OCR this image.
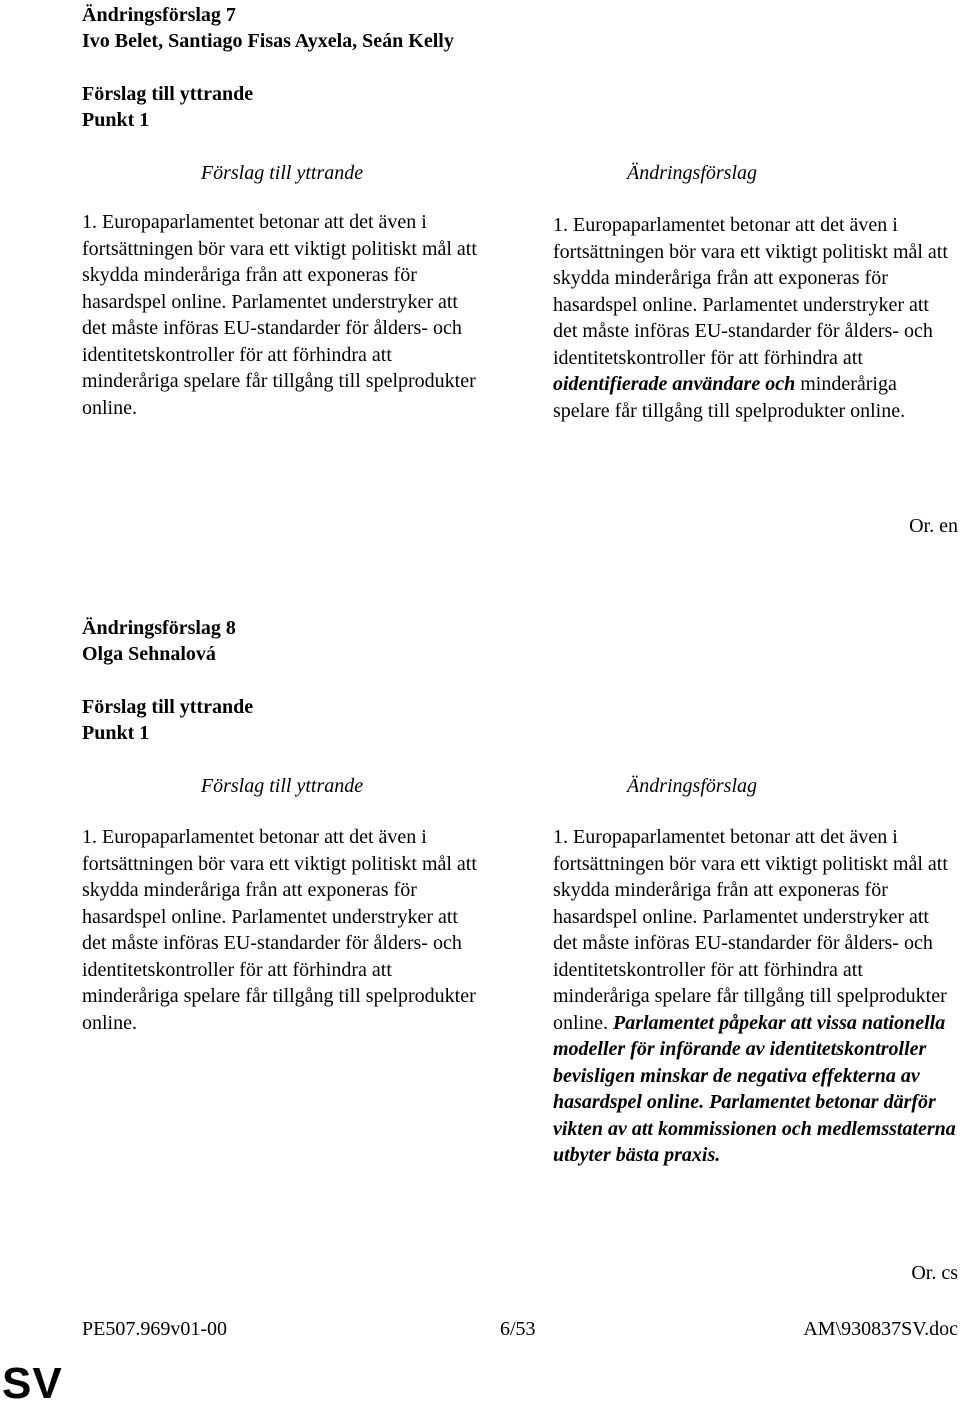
Ändringsförslag 7
Ivo Belet, Santiago Fisas Ayxela, Seán Kelly
Förslag till yttrande
Punkt 1
Förslag till yttrande	Ändringsförslag

1. Europaparlamentet betonar att det även i fortsättningen bör vara ett viktigt politiskt mål att skydda minderåriga från att exponeras för hasardspel online. Parlamentet understryker att det måste införas EU-standarder för ålders- och identitetskontroller för att förhindra att minderåriga spelare får tillgång till spelprodukter online.

1. Europaparlamentet betonar att det även i fortsättningen bör vara ett viktigt politiskt mål att skydda minderåriga från att exponeras för hasardspel online. Parlamentet understryker att det måste införas EU-standarder för ålders- och identitetskontroller för att förhindra att oidentifierade användare och minderåriga spelare får tillgång till spelprodukter online.

Or. en
Ändringsförslag 8
Olga Sehnalová
Förslag till yttrande
Punkt 1
Förslag till yttrande	Ändringsförslag

1. Europaparlamentet betonar att det även i fortsättningen bör vara ett viktigt politiskt mål att skydda minderåriga från att exponeras för hasardspel online. Parlamentet understryker att det måste införas EU-standarder för ålders- och identitetskontroller för att förhindra att minderåriga spelare får tillgång till spelprodukter online.

1. Europaparlamentet betonar att det även i fortsättningen bör vara ett viktigt politiskt mål att skydda minderåriga från att exponeras för hasardspel online. Parlamentet understryker att det måste införas EU-standarder för ålders- och identitetskontroller för att förhindra att minderåriga spelare får tillgång till spelprodukter online. Parlamentet påpekar att vissa nationella modeller för införande av identitetskontroller bevisligen minskar de negativa effekterna av hasardspel online. Parlamentet betonar därför vikten av att kommissionen och medlemsstaterna utbyter bästa praxis.

Or. cs
PE507.969v01-00	6/53	AM\930837SV.doc
SV
